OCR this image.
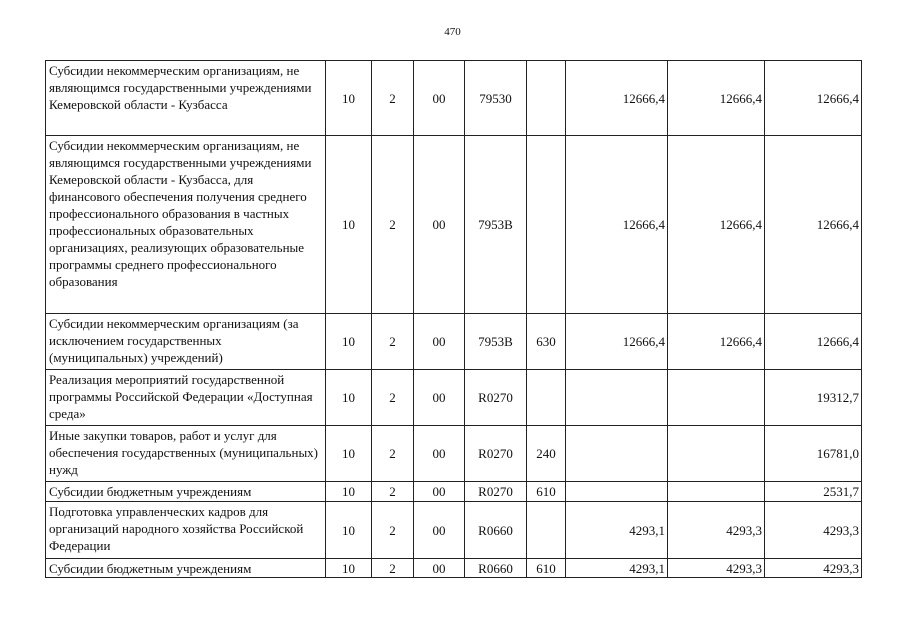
470
Субсидии некоммерческим организациям, не являющимся государственными учреждениями Кемеровской области - Кузбасса	10	2	00	79530		12666,4	12666,4	12666,4
Субсидии некоммерческим организациям, не являющимся государственными учреждениями Кемеровской области - Кузбасса, для финансового обеспечения получения среднего профессионального образования в частных профессиональных образовательных организациях, реализующих образовательные программы среднего профессионального образования	10	2	00	7953В		12666,4	12666,4	12666,4
Субсидии некоммерческим организациям (за исключением государственных (муниципальных) учреждений)	10	2	00	7953В	630	12666,4	12666,4	12666,4
Реализация мероприятий государственной программы Российской Федерации «Доступная среда»	10	2	00	R0270				19312,7
Иные закупки товаров, работ и услуг для обеспечения государственных (муниципальных) нужд	10	2	00	R0270	240			16781,0
Субсидии бюджетным учреждениям	10	2	00	R0270	610			2531,7
Подготовка управленческих кадров для организаций народного хозяйства Российской Федерации	10	2	00	R0660		4293,1	4293,3	4293,3
Субсидии бюджетным учреждениям	10	2	00	R0660	610	4293,1	4293,3	4293,3
